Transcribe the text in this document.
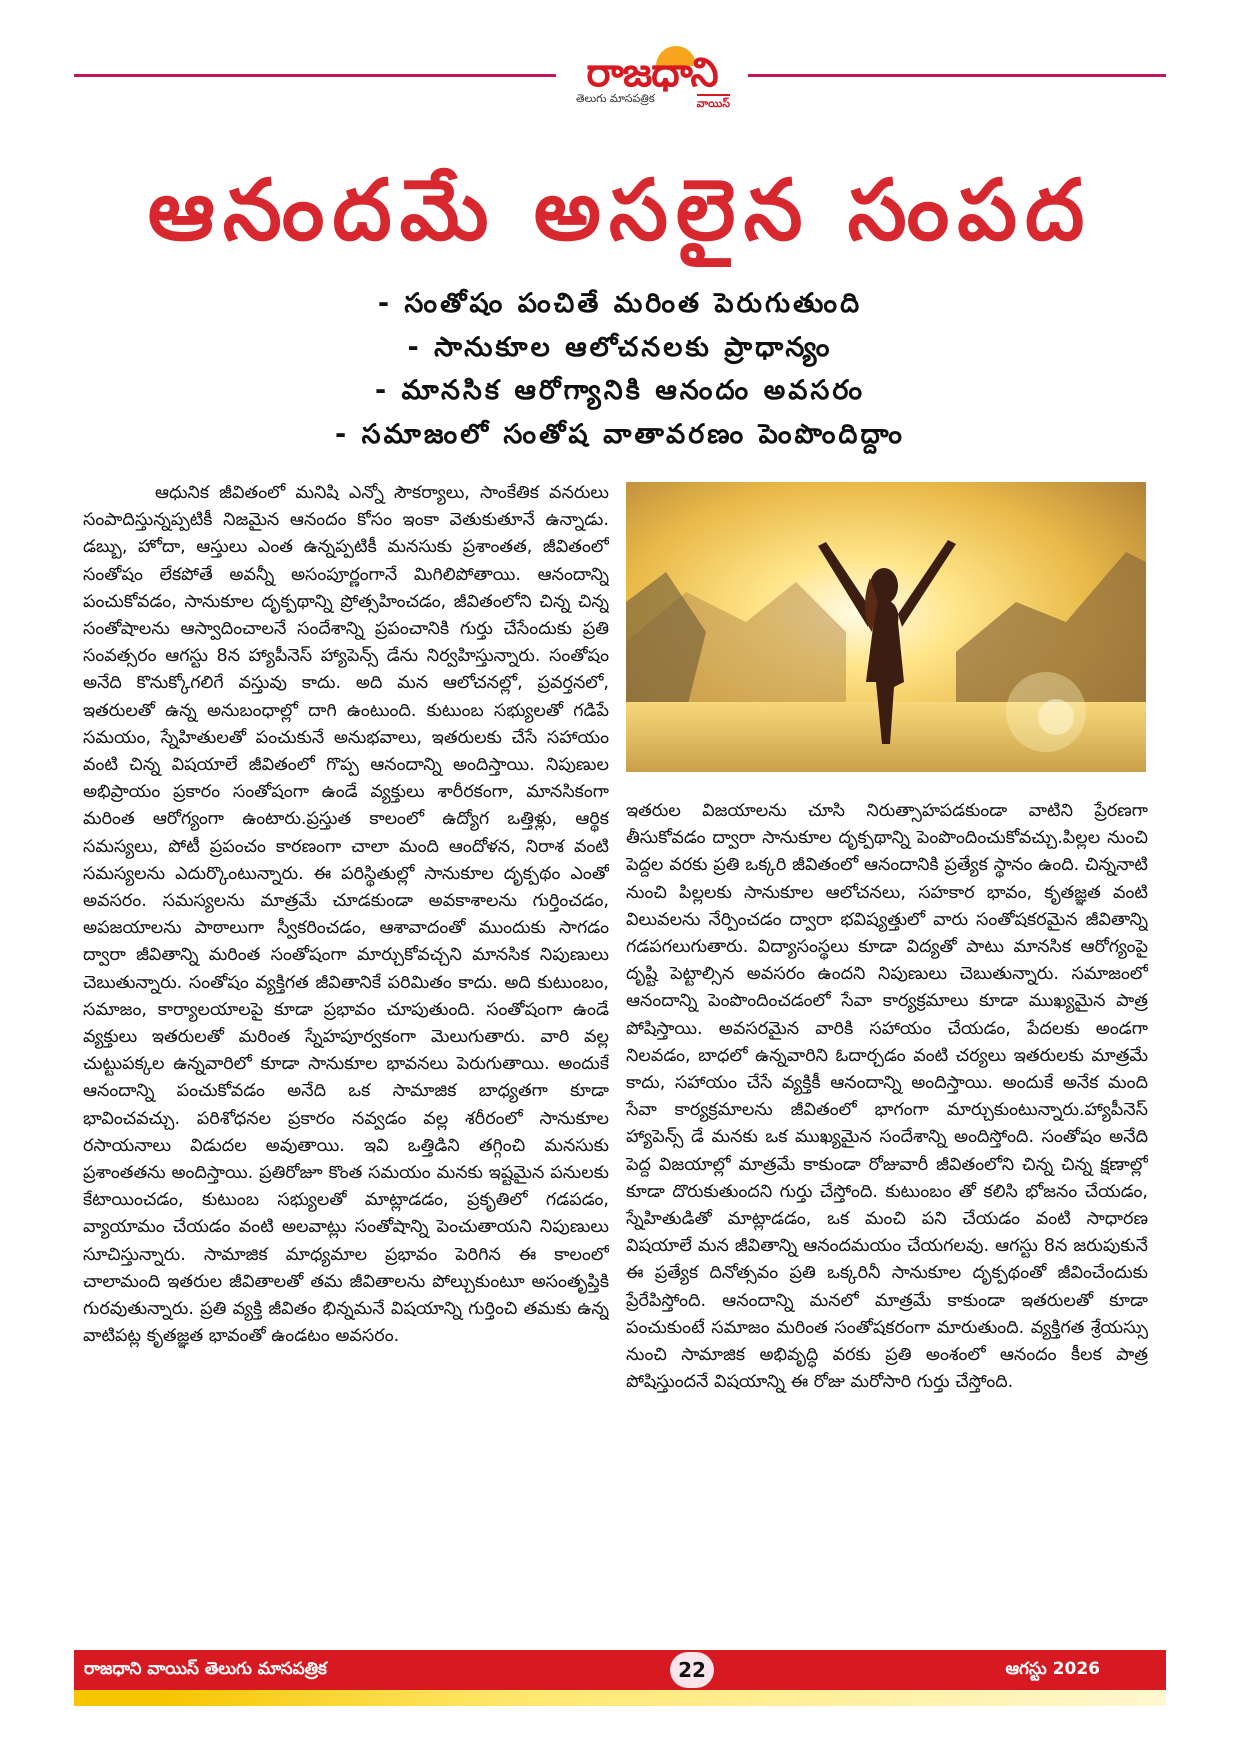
రాజధాని
తెలుగు మాసపత్రిక	వాయిస్
ఆనందమే అసలైన సంపద
- సంతోషం పంచితే మరింత పెరుగుతుంది
- సానుకూల ఆలోచనలకు ప్రాధాన్యం
- మానసిక ఆరోగ్యానికి ఆనందం అవసరం
- సమాజంలో సంతోష వాతావరణం పెంపొందిద్దాం

ఆధునిక జీవితంలో మనిషి ఎన్నో సౌకర్యాలు, సాంకేతిక వనరులు సంపాదిస్తున్నప్పటికీ నిజమైన ఆనందం కోసం ఇంకా వెతుకుతూనే ఉన్నాడు. డబ్బు, హోదా, ఆస్తులు ఎంత ఉన్నప్పటికీ మనసుకు ప్రశాంతత, జీవితంలో సంతోషం లేకపోతే అవన్నీ అసంపూర్ణంగానే మిగిలిపోతాయి. ఆనందాన్ని పంచుకోవడం, సానుకూల దృక్పథాన్ని ప్రోత్సహించడం, జీవితంలోని చిన్న చిన్న సంతోషాలను ఆస్వాదించాలనే సందేశాన్ని ప్రపంచానికి గుర్తు చేసేందుకు ప్రతి సంవత్సరం ఆగస్టు 8న హ్యాపీనెస్ హ్యాపెన్స్ డేను నిర్వహిస్తున్నారు. సంతోషం అనేది కొనుక్కోగలిగే వస్తువు కాదు. అది మన ఆలోచనల్లో, ప్రవర్తనలో, ఇతరులతో ఉన్న అనుబంధాల్లో దాగి ఉంటుంది. కుటుంబ సభ్యులతో గడిపే సమయం, స్నేహితులతో పంచుకునే అనుభవాలు, ఇతరులకు చేసే సహాయం వంటి చిన్న విషయాలే జీవితంలో గొప్ప ఆనందాన్ని అందిస్తాయి. నిపుణుల అభిప్రాయం ప్రకారం సంతోషంగా ఉండే వ్యక్తులు శారీరకంగా, మానసికంగా మరింత ఆరోగ్యంగా ఉంటారు.ప్రస్తుత కాలంలో ఉద్యోగ ఒత్తిళ్లు, ఆర్థిక సమస్యలు, పోటీ ప్రపంచం కారణంగా చాలా మంది ఆందోళన, నిరాశ వంటి సమస్యలను ఎదుర్కొంటున్నారు. ఈ పరిస్థితుల్లో సానుకూల దృక్పథం ఎంతో అవసరం. సమస్యలను మాత్రమే చూడకుండా అవకాశాలను గుర్తించడం, అపజయాలను పాఠాలుగా స్వీకరించడం, ఆశావాదంతో ముందుకు సాగడం ద్వారా జీవితాన్ని మరింత సంతోషంగా మార్చుకోవచ్చని మానసిక నిపుణులు చెబుతున్నారు. సంతోషం వ్యక్తిగత జీవితానికే పరిమితం కాదు. అది కుటుంబం, సమాజం, కార్యాలయాలపై కూడా ప్రభావం చూపుతుంది. సంతోషంగా ఉండే వ్యక్తులు ఇతరులతో మరింత స్నేహపూర్వకంగా మెలుగుతారు. వారి వల్ల చుట్టుపక్కల ఉన్నవారిలో కూడా సానుకూల భావనలు పెరుగుతాయి. అందుకే ఆనందాన్ని పంచుకోవడం అనేది ఒక సామాజిక బాధ్యతగా కూడా భావించవచ్చు. పరిశోధనల ప్రకారం నవ్వడం వల్ల శరీరంలో సానుకూల రసాయనాలు విడుదల అవుతాయి. ఇవి ఒత్తిడిని తగ్గించి మనసుకు ప్రశాంతతను అందిస్తాయి. ప్రతిరోజూ కొంత సమయం మనకు ఇష్టమైన పనులకు కేటాయించడం, కుటుంబ సభ్యులతో మాట్లాడడం, ప్రకృతిలో గడపడం, వ్యాయామం చేయడం వంటి అలవాట్లు సంతోషాన్ని పెంచుతాయని నిపుణులు సూచిస్తున్నారు. సామాజిక మాధ్యమాల ప్రభావం పెరిగిన ఈ కాలంలో చాలామంది ఇతరుల జీవితాలతో తమ జీవితాలను పోల్చుకుంటూ అసంతృప్తికి గురవుతున్నారు. ప్రతి వ్యక్తి జీవితం భిన్నమనే విషయాన్ని గుర్తించి తమకు ఉన్న వాటిపట్ల కృతజ్ఞత భావంతో ఉండటం అవసరం.

ఇతరుల విజయాలను చూసి నిరుత్సాహపడకుండా వాటిని ప్రేరణగా తీసుకోవడం ద్వారా సానుకూల దృక్పథాన్ని పెంపొందించుకోవచ్చు.పిల్లల నుంచి పెద్దల వరకు ప్రతి ఒక్కరి జీవితంలో ఆనందానికి ప్రత్యేక స్థానం ఉంది. చిన్ననాటి నుంచి పిల్లలకు సానుకూల ఆలోచనలు, సహకార భావం, కృతజ్ఞత వంటి విలువలను నేర్పించడం ద్వారా భవిష్యత్తులో వారు సంతోషకరమైన జీవితాన్ని గడపగలుగుతారు. విద్యాసంస్థలు కూడా విద్యతో పాటు మానసిక ఆరోగ్యంపై దృష్టి పెట్టాల్సిన అవసరం ఉందని నిపుణులు చెబుతున్నారు. సమాజంలో ఆనందాన్ని పెంపొందించడంలో సేవా కార్యక్రమాలు కూడా ముఖ్యమైన పాత్ర పోషిస్తాయి. అవసరమైన వారికి సహాయం చేయడం, పేదలకు అండగా నిలవడం, బాధలో ఉన్నవారిని ఓదార్చడం వంటి చర్యలు ఇతరులకు మాత్రమే కాదు, సహాయం చేసే వ్యక్తికీ ఆనందాన్ని అందిస్తాయి. అందుకే అనేక మంది సేవా కార్యక్రమాలను జీవితంలో భాగంగా మార్చుకుంటున్నారు.హ్యాపీనెస్ హ్యాపెన్స్ డే మనకు ఒక ముఖ్యమైన సందేశాన్ని అందిస్తోంది. సంతోషం అనేది పెద్ద విజయాల్లో మాత్రమే కాకుండా రోజువారీ జీవితంలోని చిన్న చిన్న క్షణాల్లో కూడా దొరుకుతుందని గుర్తు చేస్తోంది. కుటుంబం తో కలిసి భోజనం చేయడం, స్నేహితుడితో మాట్లాడడం, ఒక మంచి పని చేయడం వంటి సాధారణ విషయాలే మన జీవితాన్ని ఆనందమయం చేయగలవు. ఆగస్టు 8న జరుపుకునే ఈ ప్రత్యేక దినోత్సవం ప్రతి ఒక్కరినీ సానుకూల దృక్పథంతో జీవించేందుకు ప్రేరేపిస్తోంది. ఆనందాన్ని మనలో మాత్రమే కాకుండా ఇతరులతో కూడా పంచుకుంటే సమాజం మరింత సంతోషకరంగా మారుతుంది. వ్యక్తిగత శ్రేయస్సు నుంచి సామాజిక అభివృద్ధి వరకు ప్రతి అంశంలో ఆనందం కీలక పాత్ర పోషిస్తుందనే విషయాన్ని ఈ రోజు మరోసారి గుర్తు చేస్తోంది.

రాజధాని వాయిస్ తెలుగు మాసపత్రిక	22	ఆగస్టు 2026
